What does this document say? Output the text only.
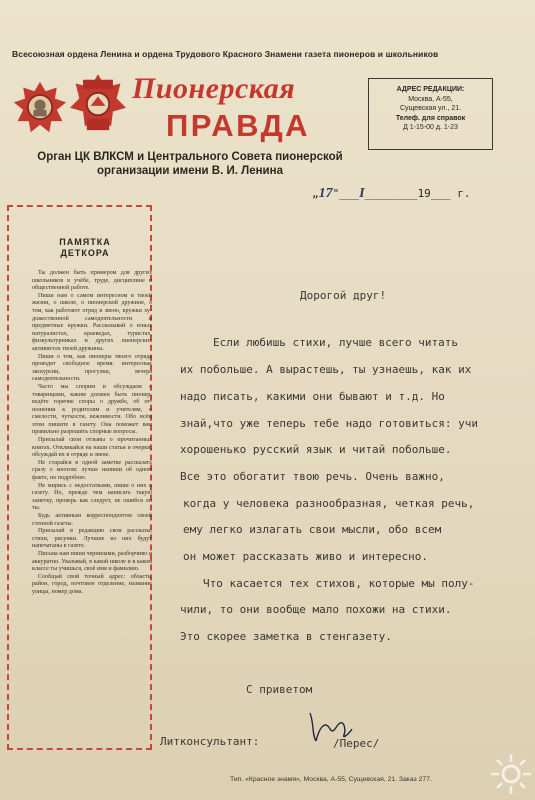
Всесоюзная ордена Ленина и ордена Трудового Красного Знамени газета пионеров и школьников
Пионерская
ПРАВДА
АДРЕС РЕДАКЦИИ:
Москва, А-55,
Сущевская ул., 21.
Телеф. для справок
Д 1-15-00 д. 1-23
Орган ЦК ВЛКСМ и Центрального Совета пионерской
организации имени В. И. Ленина
„17"___I________19___ г.
ПАМЯТКА
ДЕТКОРА

Ты должен быть примером для других школьников в учёбе, труде, дисциплине и общественной работе.

Пиши нам о самом интересном в твоей жизни, о школе, о пионерской дружине, о том, как работают отряд и звено, кружки художественной самодеятельности и предметные кружки. Рассказывай о юных натуралистах, краеведах, туристах, физкультурниках и других пионерских активистах твоей дружины.

Пиши о том, как пионеры твоего отряда проводят свободное время: интересные экскурсии, прогулки, вечера самодеятельности.

Часто мы спорим и обсуждаем с товарищами, каким должен быть пионер, ведёте горячие споры о дружбе, об отношении к родителям и учителям, о смелости, чуткости, вежливости. Обо всём этом пишите в газету. Она поможет вам правильно разрешить спорные вопросы.

Присылай свои отзывы о прочитанных книгах. Откликайся на наши статьи и очерки, обсуждай их в отряде и звене.

Не старайся в одной заметке рассказать сразу о многом: лучше напиши об одном факте, но подробнее.

Не мирись с недостатками, пиши о них в газету. Но, прежде чем написать такую заметку, проверь как следует, не ошибся ли ты.

Будь активным корреспондентом своей стенной газеты.

Присылай в редакцию свои рассказы, стихи, рисунки. Лучшие из них будут напечатаны в газете.

Письма нам пиши чернилами, разборчиво и аккуратно. Указывай, в какой школе и в каком классе ты учишься, своё имя и фамилию.

Сообщай свой точный адрес: область, район, город, почтовое отделение, название улицы, номер дома.

Дорогой друг!
Если любишь стихи, лучше всего читать
их побольше. А вырастешь, ты узнаешь, как их
надо писать, какими они бывают и т.д. Но
знай,что уже теперь тебе надо готовиться: учи
хорошенько русский язык и читай побольше.
Все это обогатит твою речь. Очень важно,
когда у человека разнообразная, четкая речь,
ему легко излагать свои мысли, обо всем
он может рассказать живо и интересно.
Что касается тех стихов, которые мы полу-
чили, то они вообще мало похожи на стихи.
Это скорее заметка в стенгазету.
С приветом
Литконсультант:	/Перес/
Тип. «Красное знамя», Москва, А-55, Сущевская, 21. Заказ 277.
